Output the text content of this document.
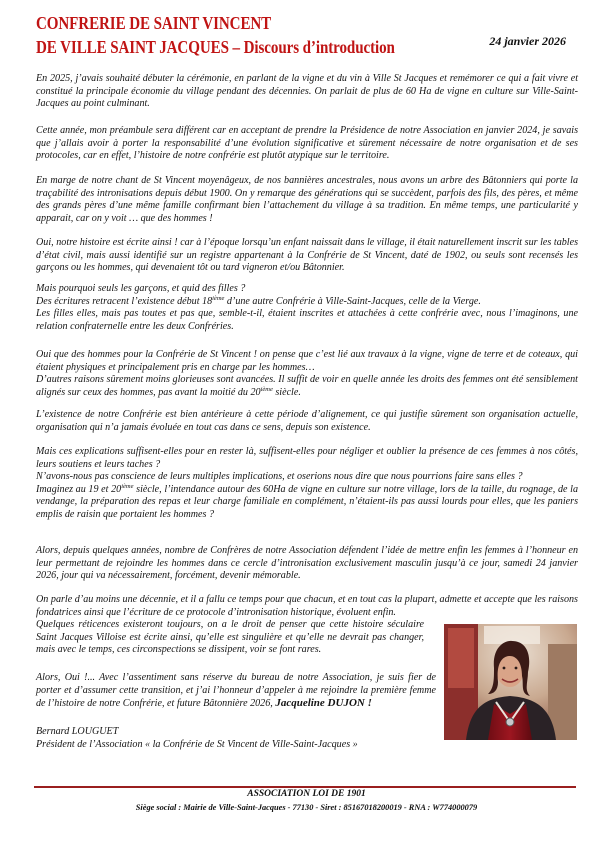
CONFRERIE DE SAINT VINCENT
DE VILLE SAINT JACQUES – Discours d’introduction	24 janvier 2026

En 2025, j’avais souhaité débuter la cérémonie, en parlant de la vigne et du vin à Ville St Jacques et remémorer ce qui a fait vivre et constitué la principale économie du village pendant des décennies. On parlait de plus de 60 Ha de vigne en culture sur Ville-Saint-Jacques au point culminant.

Cette année, mon préambule sera différent car en acceptant de prendre la Présidence de notre Association en janvier 2024, je savais que j’allais avoir à porter la responsabilité d’une évolution significative et sûrement nécessaire de notre organisation et de ses protocoles, car en effet, l’histoire de notre confrérie est plutôt atypique sur le territoire.

En marge de notre chant de St Vincent moyenâgeux, de nos bannières ancestrales, nous avons un arbre des Bâtonniers qui porte la traçabilité des intronisations depuis début 1900. On y remarque des générations qui se succèdent, parfois des fils, des pères, et même des grands pères d’une même famille confirmant bien l’attachement du village à sa tradition. En même temps, une particularité y apparait, car on y voit … que des hommes !

Oui, notre histoire est écrite ainsi ! car à l’époque lorsqu’un enfant naissait dans le village, il était naturellement inscrit sur les tables d’état civil, mais aussi identifié sur un registre appartenant à la Confrérie de St Vincent, daté de 1902, ou seuls sont recensés les garçons ou les hommes, qui devenaient tôt ou tard vigneron et/ou Bâtonnier.

Mais pourquoi seuls les garçons, et quid des filles ?
Des écritures retracent l’existence début 18ième d’une autre Confrérie à Ville-Saint-Jacques, celle de la Vierge.
Les filles elles, mais pas toutes et pas que, semble-t-il, étaient inscrites et attachées à cette confrérie avec, nous l’imaginons, une relation confraternelle entre les deux Confréries.
Oui que des hommes pour la Confrérie de St Vincent ! on pense que c’est lié aux travaux à la vigne, vigne de terre et de coteaux, qui étaient physiques et principalement pris en charge par les hommes…
D’autres raisons sûrement moins glorieuses sont avancées. Il suffit de voir en quelle année les droits des femmes ont été sensiblement alignés sur ceux des hommes, pas avant la moitié du 20ième siècle.

L’existence de notre Confrérie est bien antérieure à cette période d’alignement, ce qui justifie sûrement son organisation actuelle, organisation qui n’a jamais évoluée en tout cas dans ce sens, depuis son existence.

Mais ces explications suffisent-elles pour en rester là, suffisent-elles pour négliger et oublier la présence de ces femmes à nos côtés, leurs soutiens et leurs taches ?
N’avons-nous pas conscience de leurs multiples implications, et oserions nous dire que nous pourrions faire sans elles ?
Imaginez au 19 et 20ième siècle, l’intendance autour des 60Ha de vigne en culture sur notre village, lors de la taille, du rognage, de la vendange, la préparation des repas et leur charge familiale en complément, n’étaient-ils pas aussi lourds pour elles, que les paniers emplis de raisin que portaient les hommes ?

Alors, depuis quelques années, nombre de Confrères de notre Association défendent l’idée de mettre enfin les femmes à l’honneur en leur permettant de rejoindre les hommes dans ce cercle d’intronisation exclusivement masculin jusqu’à ce jour, samedi 24 janvier 2026, jour qui va nécessairement, forcément, devenir mémorable.

On parle d’au moins une décennie, et il a fallu ce temps pour que chacun, et en tout cas la plupart, admette et accepte que les raisons fondatrices ainsi que l’écriture de ce protocole d’intronisation historique, évoluent enfin.
Quelques réticences existeront toujours, on a le droit de penser que cette histoire séculaire Saint Jacques Villoise est écrite ainsi, qu’elle est singulière et qu’elle ne devrait pas changer, mais avec le temps, ces circonspections se dissipent, voir se font rares.

Alors, Oui !... Avec l’assentiment sans réserve du bureau de notre Association, je suis fier de porter et d’assumer cette transition, et j’ai l’honneur d’appeler à me rejoindre la première femme de l’histoire de notre Confrérie, et future Bâtonnière 2026, Jacqueline DUJON !

Bernard LOUGUET
Président de l’Association « la Confrérie de St Vincent de Ville-Saint-Jacques »
ASSOCIATION LOI DE 1901
Siège social : Mairie de Ville-Saint-Jacques - 77130 - Siret : 85167018200019 - RNA : W774000079
